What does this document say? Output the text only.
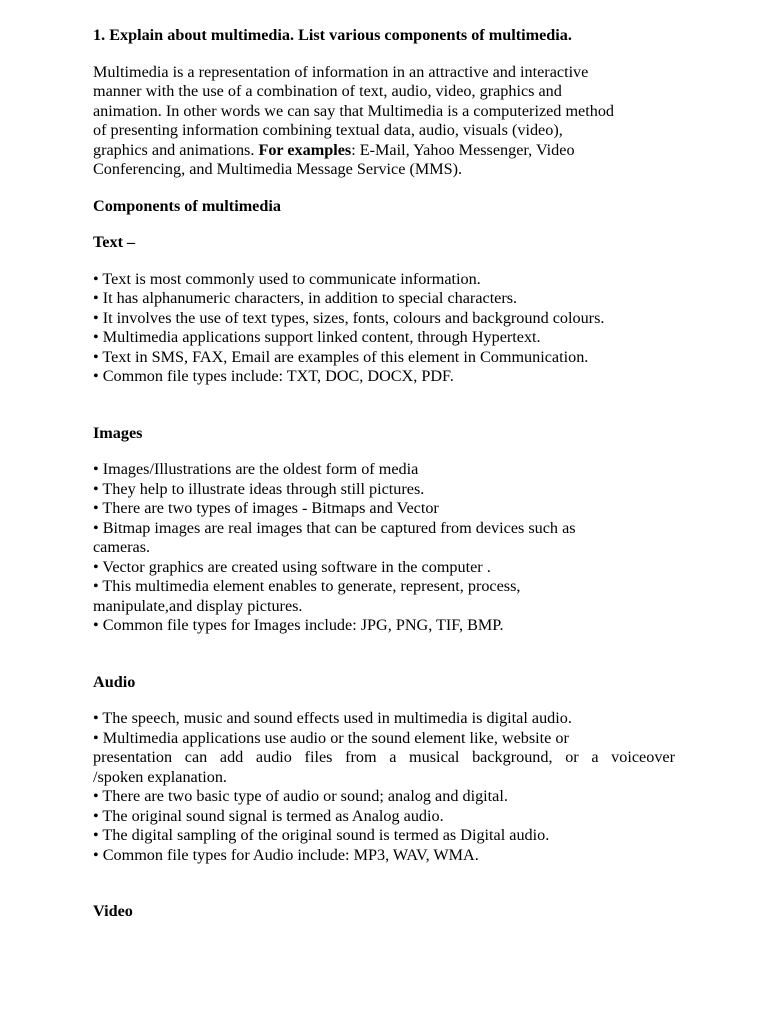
1. Explain about multimedia. List various components of multimedia.

Multimedia is a representation of information in an attractive and interactive
manner with the use of a combination of text, audio, video, graphics and
animation. In other words we can say that Multimedia is a computerized method
of presenting information combining textual data, audio, visuals (video),
graphics and animations. For examples: E-Mail, Yahoo Messenger, Video
Conferencing, and Multimedia Message Service (MMS).

Components of multimedia

Text –

• Text is most commonly used to communicate information.
• It has alphanumeric characters, in addition to special characters.
• It involves the use of text types, sizes, fonts, colours and background colours.
• Multimedia applications support linked content, through Hypertext.
• Text in SMS, FAX, Email are examples of this element in Communication.
• Common file types include: TXT, DOC, DOCX, PDF.

Images

• Images/Illustrations are the oldest form of media
• They help to illustrate ideas through still pictures.
• There are two types of images - Bitmaps and Vector
• Bitmap images are real images that can be captured from devices such as
cameras.
• Vector graphics are created using software in the computer .
• This multimedia element enables to generate, represent, process,
manipulate,and display pictures.
• Common file types for Images include: JPG, PNG, TIF, BMP.

Audio

• The speech, music and sound effects used in multimedia is digital audio.
• Multimedia applications use audio or the sound element like, website or
presentation can add audio files from a musical background, or a voiceover
/spoken explanation.
• There are two basic type of audio or sound; analog and digital.
• The original sound signal is termed as Analog audio.
• The digital sampling of the original sound is termed as Digital audio.
• Common file types for Audio include: MP3, WAV, WMA.

Video
